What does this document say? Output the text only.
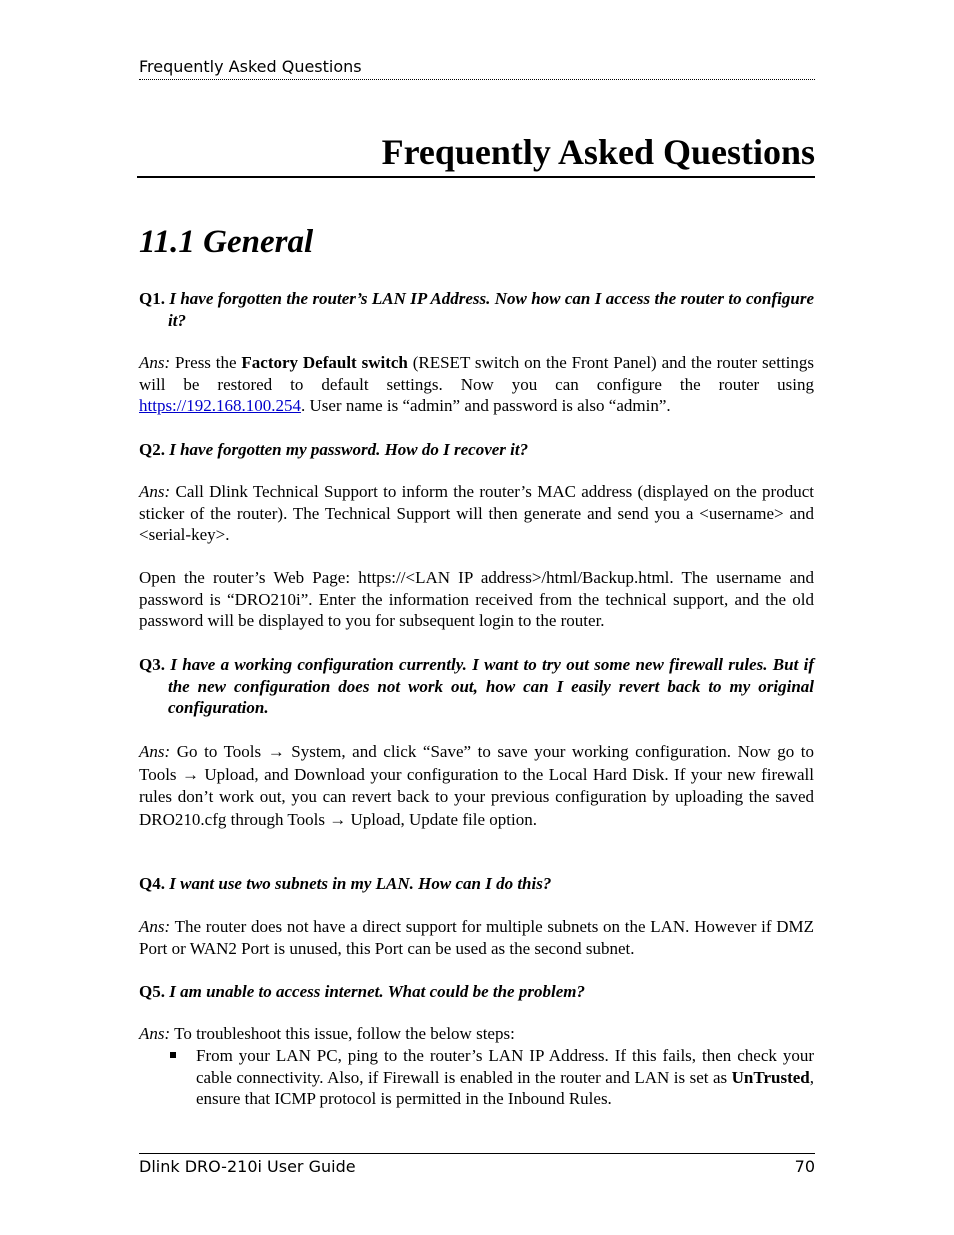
Frequently Asked Questions
Frequently Asked Questions
11.1 General
Q1. I have forgotten the router’s LAN IP Address. Now how can I access the router to configure it?
Ans: Press the Factory Default switch (RESET switch on the Front Panel) and the router settings will be restored to default settings. Now you can configure the router using https://192.168.100.254. User name is “admin” and password is also “admin”.
Q2. I have forgotten my password. How do I recover it?
Ans: Call Dlink Technical Support to inform the router’s MAC address (displayed on the product sticker of the router). The Technical Support will then generate and send you a <username> and <serial-key>.
Open the router’s Web Page: https://<LAN IP address>/html/Backup.html. The username and password is “DRO210i”. Enter the information received from the technical support, and the old password will be displayed to you for subsequent login to the router.
Q3. I have a working configuration currently. I want to try out some new firewall rules. But if the new configuration does not work out, how can I easily revert back to my original configuration.
Ans: Go to Tools → System, and click “Save” to save your working configuration. Now go to Tools → Upload, and Download your configuration to the Local Hard Disk. If your new firewall rules don’t work out, you can revert back to your previous configuration by uploading the saved DRO210.cfg through Tools → Upload, Update file option.
Q4. I want use two subnets in my LAN. How can I do this?
Ans: The router does not have a direct support for multiple subnets on the LAN. However if DMZ Port or WAN2 Port is unused, this Port can be used as the second subnet.
Q5. I am unable to access internet. What could be the problem?
Ans: To troubleshoot this issue, follow the below steps:
From your LAN PC, ping to the router’s LAN IP Address. If this fails, then check your cable connectivity. Also, if Firewall is enabled in the router and LAN is set as UnTrusted, ensure that ICMP protocol is permitted in the Inbound Rules.
Dlink DRO-210i User Guide	70
